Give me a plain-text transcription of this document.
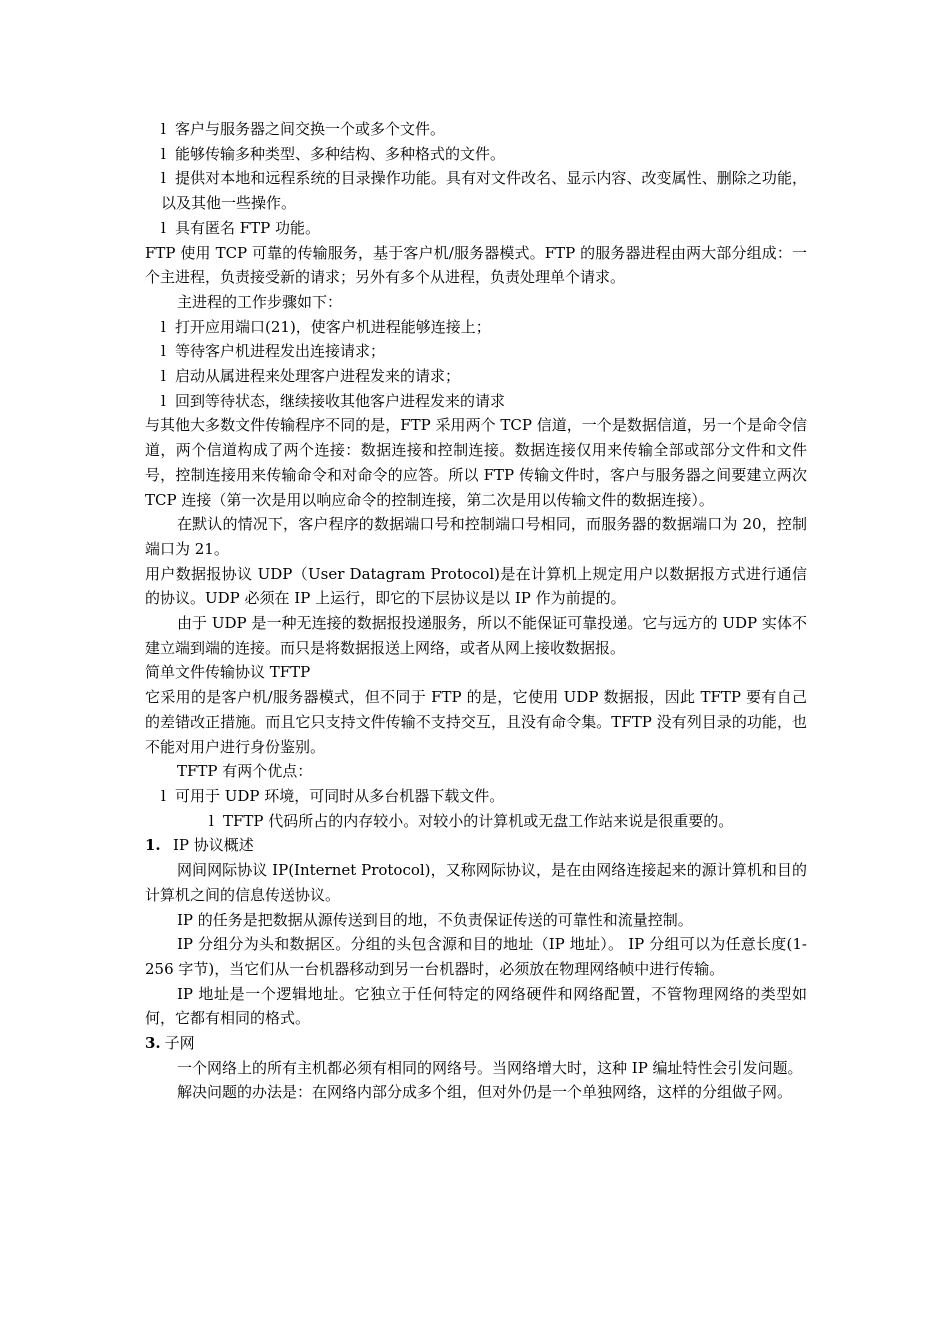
l 客户与服务器之间交换一个或多个文件。

l 能够传输多种类型、多种结构、多种格式的文件。

l 提供对本地和远程系统的目录操作功能。具有对文件改名、显示内容、改变属性、删除之功能，以及其他一些操作。

l 具有匿名 FTP 功能。

FTP 使用 TCP 可靠的传输服务，基于客户机/服务器模式。FTP 的服务器进程由两大部分组成：一个主进程，负责接受新的请求；另外有多个从进程，负责处理单个请求。

主进程的工作步骤如下：

l 打开应用端口(21)，使客户机进程能够连接上；

l 等待客户机进程发出连接请求；

l 启动从属进程来处理客户进程发来的请求；

l 回到等待状态，继续接收其他客户进程发来的请求

与其他大多数文件传输程序不同的是，FTP 采用两个 TCP 信道，一个是数据信道，另一个是命令信道，两个信道构成了两个连接：数据连接和控制连接。数据连接仅用来传输全部或部分文件和文件号，控制连接用来传输命令和对命令的应答。所以 FTP 传输文件时，客户与服务器之间要建立两次 TCP 连接（第一次是用以响应命令的控制连接，第二次是用以传输文件的数据连接）。

在默认的情况下，客户程序的数据端口号和控制端口号相同，而服务器的数据端口为 20，控制端口为 21。

用户数据报协议 UDP（User Datagram Protocol)是在计算机上规定用户以数据报方式进行通信的协议。UDP 必须在 IP 上运行，即它的下层协议是以 IP 作为前提的。

由于 UDP 是一种无连接的数据报投递服务，所以不能保证可靠投递。它与远方的 UDP 实体不建立端到端的连接。而只是将数据报送上网络，或者从网上接收数据报。

简单文件传输协议 TFTP

它采用的是客户机/服务器模式，但不同于 FTP 的是，它使用 UDP 数据报，因此 TFTP 要有自己的差错改正措施。而且它只支持文件传输不支持交互，且没有命令集。TFTP 没有列目录的功能，也不能对用户进行身份鉴别。

TFTP 有两个优点：

l 可用于 UDP 环境，可同时从多台机器下载文件。

l TFTP 代码所占的内存较小。对较小的计算机或无盘工作站来说是很重要的。

1. IP 协议概述

网间网际协议 IP(Internet Protocol)，又称网际协议，是在由网络连接起来的源计算机和目的计算机之间的信息传送协议。

IP 的任务是把数据从源传送到目的地，不负责保证传送的可靠性和流量控制。

IP 分组分为头和数据区。分组的头包含源和目的地址（IP 地址）。 IP 分组可以为任意长度(1-256 字节)，当它们从一台机器移动到另一台机器时，必须放在物理网络帧中进行传输。

IP 地址是一个逻辑地址。它独立于任何特定的网络硬件和网络配置，不管物理网络的类型如何，它都有相同的格式。

3. 子网

一个网络上的所有主机都必须有相同的网络号。当网络增大时，这种 IP 编址特性会引发问题。

解决问题的办法是：在网络内部分成多个组，但对外仍是一个单独网络，这样的分组做子网。
